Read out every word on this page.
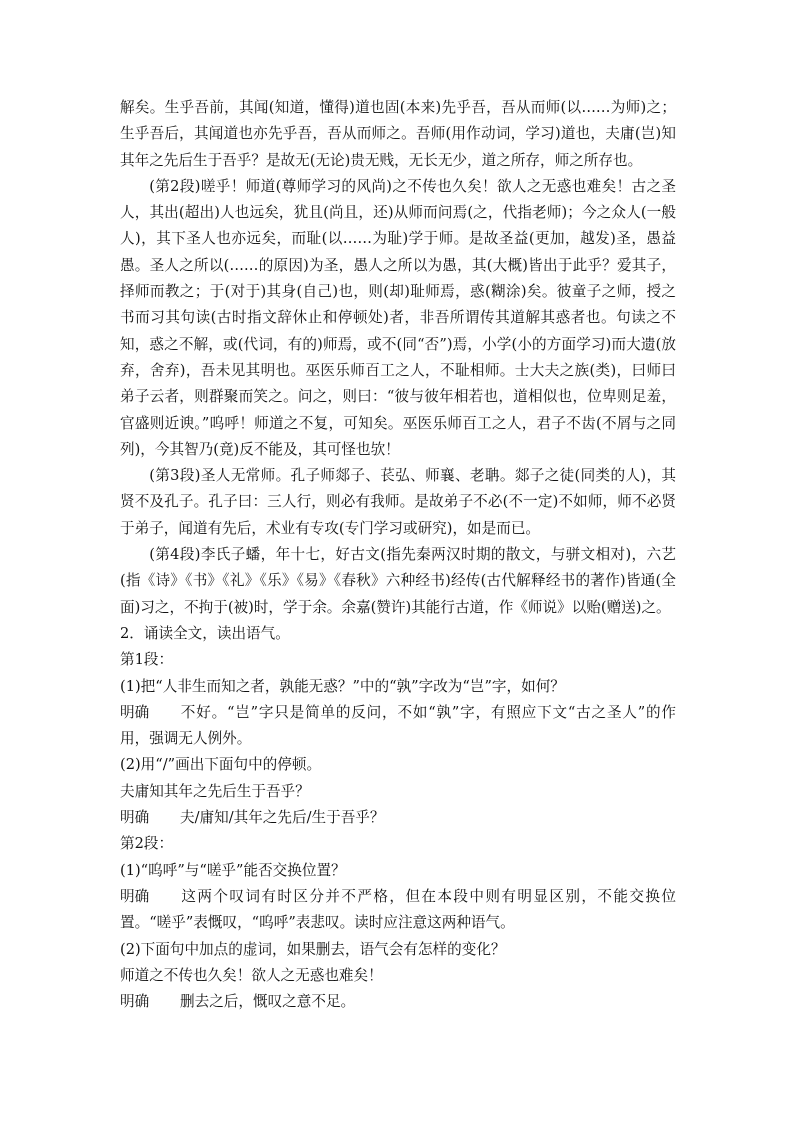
解矣。生乎吾前，其闻(知道，懂得)道也固(本来)先乎吾，吾从而师(以……为师)之；生乎吾后，其闻道也亦先乎吾，吾从而师之。吾师(用作动词，学习)道也，夫庸(岂)知其年之先后生于吾乎？是故无(无论)贵无贱，无长无少，道之所存，师之所存也。

(第2段)嗟乎！师道(尊师学习的风尚)之不传也久矣！欲人之无惑也难矣！古之圣人，其出(超出)人也远矣，犹且(尚且，还)从师而问焉(之，代指老师)；今之众人(一般人)，其下圣人也亦远矣，而耻(以……为耻)学于师。是故圣益(更加，越发)圣，愚益愚。圣人之所以(……的原因)为圣，愚人之所以为愚，其(大概)皆出于此乎？爱其子，择师而教之；于(对于)其身(自己)也，则(却)耻师焉，惑(糊涂)矣。彼童子之师，授之书而习其句读(古时指文辞休止和停顿处)者，非吾所谓传其道解其惑者也。句读之不知，惑之不解，或(代词，有的)师焉，或不(同“否”)焉，小学(小的方面学习)而大遗(放弃，舍弃)，吾未见其明也。巫医乐师百工之人，不耻相师。士大夫之族(类)，曰师曰弟子云者，则群聚而笑之。问之，则曰：“彼与彼年相若也，道相似也，位卑则足羞，官盛则近谀。”呜呼！师道之不复，可知矣。巫医乐师百工之人，君子不齿(不屑与之同列)，今其智乃(竟)反不能及，其可怪也欤！

(第3段)圣人无常师。孔子师郯子、苌弘、师襄、老聃。郯子之徒(同类的人)，其贤不及孔子。孔子曰：三人行，则必有我师。是故弟子不必(不一定)不如师，师不必贤于弟子，闻道有先后，术业有专攻(专门学习或研究)，如是而已。

(第4段)李氏子蟠，年十七，好古文(指先秦两汉时期的散文，与骈文相对)，六艺(指《诗》《书》《礼》《乐》《易》《春秋》六种经书)经传(古代解释经书的著作)皆通(全面)习之，不拘于(被)时，学于余。余嘉(赞许)其能行古道，作《师说》以贻(赠送)之。

2．诵读全文，读出语气。

第1段：

(1)把“人非生而知之者，孰能无惑？”中的“孰”字改为“岂”字，如何？

明确 不好。“岂”字只是简单的反问，不如“孰”字，有照应下文“古之圣人”的作用，强调无人例外。

(2)用“/”画出下面句中的停顿。

夫庸知其年之先后生于吾乎？

明确 夫/庸知/其年之先后/生于吾乎？

第2段：

(1)“呜呼”与“嗟乎”能否交换位置？

明确 这两个叹词有时区分并不严格，但在本段中则有明显区别，不能交换位置。“嗟乎”表慨叹，“呜呼”表悲叹。读时应注意这两种语气。

(2)下面句中加点的虚词，如果删去，语气会有怎样的变化？

师道之不传也久矣！欲人之无惑也难矣！

明确 删去之后，慨叹之意不足。
